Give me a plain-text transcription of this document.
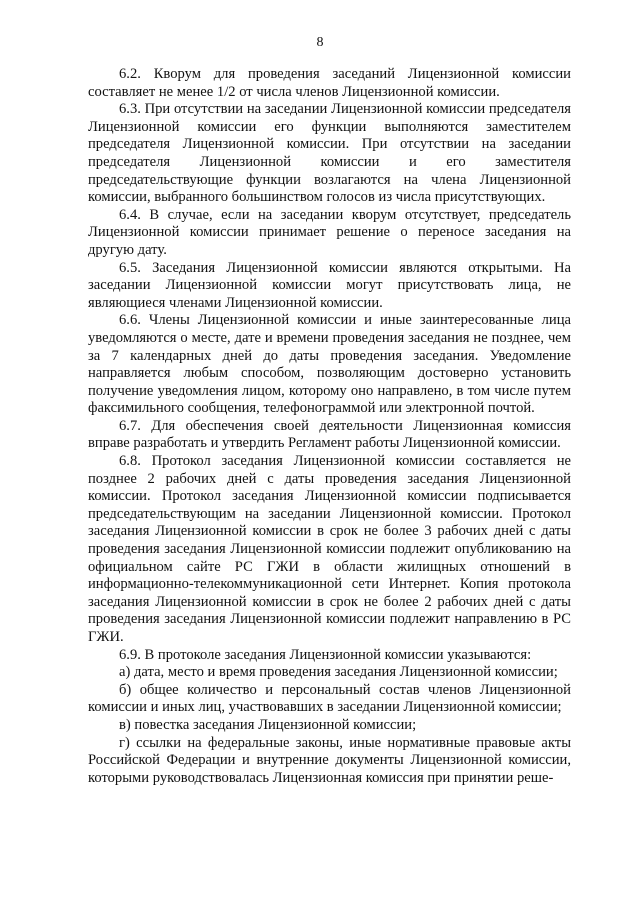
8

6.2. Кворум для проведения заседаний Лицензионной комиссии составляет не менее 1/2 от числа членов Лицензионной комиссии.

6.3. При отсутствии на заседании Лицензионной комиссии председателя Лицензионной комиссии его функции выполняются заместителем председателя Лицензионной комиссии. При отсутствии на заседании председателя Лицензионной комиссии и его заместителя председательствующие функции возлагаются на члена Лицензионной комиссии, выбранного большинством голосов из числа присутствующих.

6.4. В случае, если на заседании кворум отсутствует, председатель Лицензионной комиссии принимает решение о переносе заседания на другую дату.

6.5. Заседания Лицензионной комиссии являются открытыми. На заседании Лицензионной комиссии могут присутствовать лица, не являющиеся членами Лицензионной комиссии.

6.6. Члены Лицензионной комиссии и иные заинтересованные лица уведомляются о месте, дате и времени проведения заседания не позднее, чем за 7 календарных дней до даты проведения заседания. Уведомление направляется любым способом, позволяющим достоверно установить получение уведомления лицом, которому оно направлено, в том числе путем факсимильного сообщения, телефонограммой или электронной почтой.

6.7. Для обеспечения своей деятельности Лицензионная комиссия вправе разработать и утвердить Регламент работы Лицензионной комиссии.

6.8. Протокол заседания Лицензионной комиссии составляется не позднее 2 рабочих дней с даты проведения заседания Лицензионной комиссии. Протокол заседания Лицензионной комиссии подписывается председательствующим на заседании Лицензионной комиссии. Протокол заседания Лицензионной комиссии в срок не более 3 рабочих дней с даты проведения заседания Лицензионной комиссии подлежит опубликованию на официальном сайте РС ГЖИ в области жилищных отношений в информационно-телекоммуникационной сети Интернет. Копия протокола заседания Лицензионной комиссии в срок не более 2 рабочих дней с даты проведения заседания Лицензионной комиссии подлежит направлению в РС ГЖИ.

6.9. В протоколе заседания Лицензионной комиссии указываются:

а) дата, место и время проведения заседания Лицензионной комиссии;

б) общее количество и персональный состав членов Лицензионной комиссии и иных лиц, участвовавших в заседании Лицензионной комиссии;

в) повестка заседания Лицензионной комиссии;

г) ссылки на федеральные законы, иные нормативные правовые акты Российской Федерации и внутренние документы Лицензионной комиссии, которыми руководствовалась Лицензионная комиссия при принятии реше-
